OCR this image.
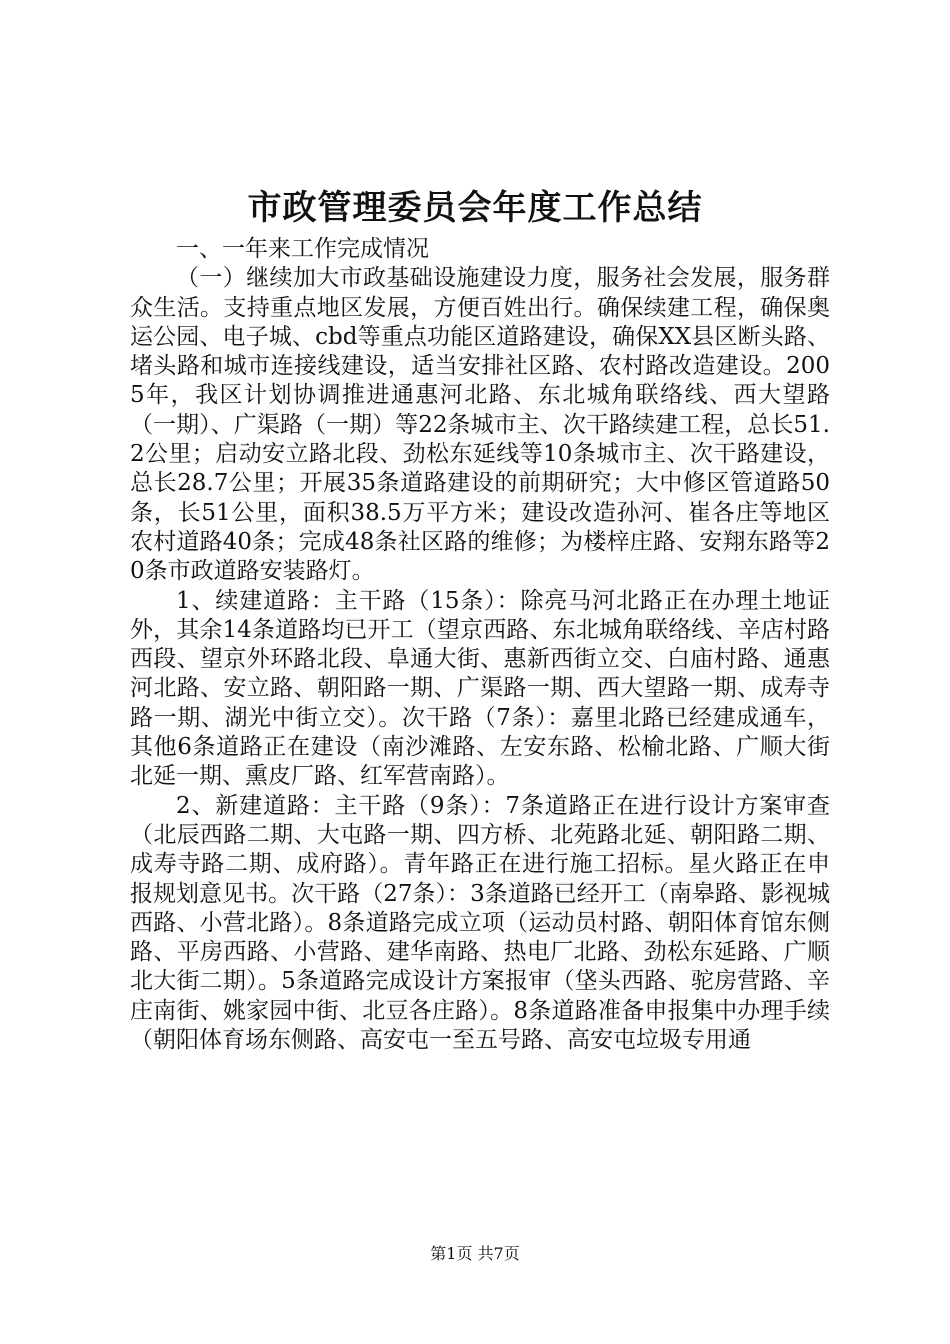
市政管理委员会年度工作总结

一、一年来工作完成情况

（一）继续加大市政基础设施建设力度，服务社会发展，服务群众生活。支持重点地区发展，方便百姓出行。确保续建工程，确保奥运公园、电子城、cbd等重点功能区道路建设，确保XX县区断头路、堵头路和城市连接线建设，适当安排社区路、农村路改造建设。2005年，我区计划协调推进通惠河北路、东北城角联络线、西大望路（一期）、广渠路（一期）等22条城市主、次干路续建工程，总长51.2公里；启动安立路北段、劲松东延线等10条城市主、次干路建设，总长28.7公里；开展35条道路建设的前期研究；大中修区管道路50条，长51公里，面积38.5万平方米；建设改造孙河、崔各庄等地区农村道路40条；完成48条社区路的维修；为楼梓庄路、安翔东路等20条市政道路安装路灯。

1、续建道路：主干路（15条）：除亮马河北路正在办理土地证外，其余14条道路均已开工（望京西路、东北城角联络线、辛店村路西段、望京外环路北段、阜通大街、惠新西街立交、白庙村路、通惠河北路、安立路、朝阳路一期、广渠路一期、西大望路一期、成寿寺路一期、湖光中街立交）。次干路（7条）：嘉里北路已经建成通车，其他6条道路正在建设（南沙滩路、左安东路、松榆北路、广顺大街北延一期、熏皮厂路、红军营南路）。

2、新建道路：主干路（9条）：7条道路正在进行设计方案审查（北辰西路二期、大屯路一期、四方桥、北苑路北延、朝阳路二期、成寿寺路二期、成府路）。青年路正在进行施工招标。星火路正在申报规划意见书。次干路（27条）：3条道路已经开工（南皋路、影视城西路、小营北路）。8条道路完成立项（运动员村路、朝阳体育馆东侧路、平房西路、小营路、建华南路、热电厂北路、劲松东延路、广顺北大街二期）。5条道路完成设计方案报审（垡头西路、驼房营路、辛庄南街、姚家园中街、北豆各庄路）。8条道路准备申报集中办理手续（朝阳体育场东侧路、高安屯一至五号路、高安屯垃圾专用通

第1页 共7页
